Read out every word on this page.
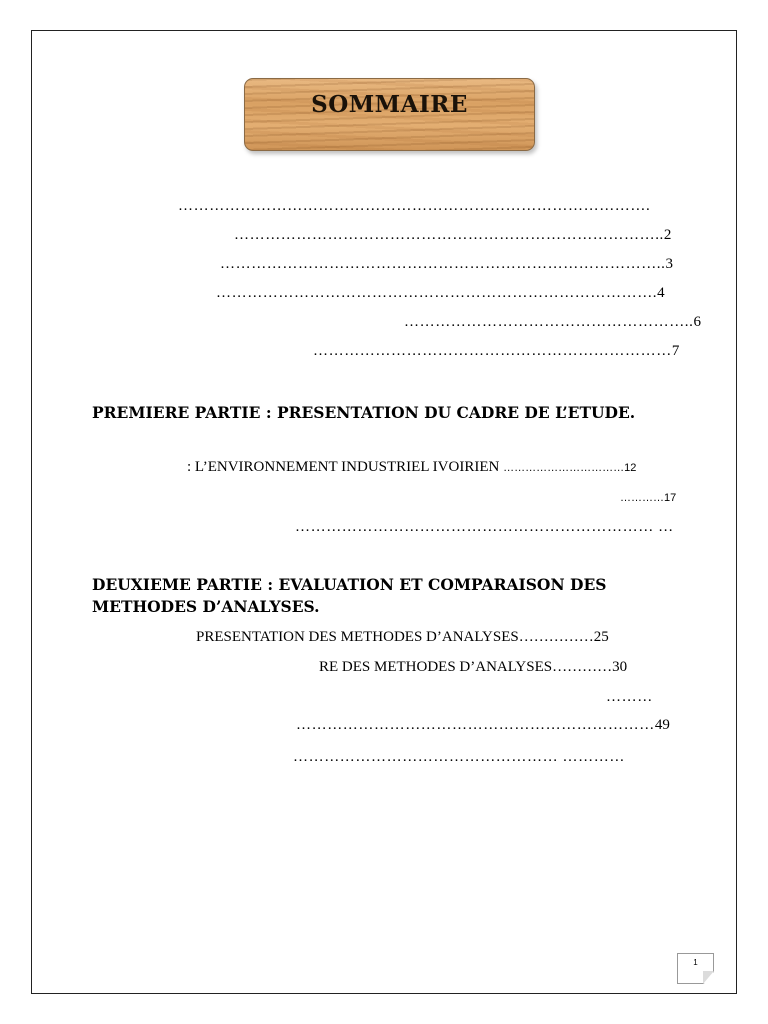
SOMMAIRE
……………………………………………………………………………….
………………………………………………………………………..2
…………………………………………………………………………..3
………………………………………………………………………….4
………………………………………………..6
……………………………………………………………7
PREMIERE PARTIE : PRESENTATION DU CADRE DE L’ETUDE.
: L’ENVIRONNEMENT INDUSTRIEL IVOIRIEN ……………………………12
…………17
…………………………………………………………… …
DEUXIEME PARTIE : EVALUATION ET COMPARAISON DES METHODES D’ANALYSES.
PRESENTATION DES METHODES D’ANALYSES……………25
RE DES METHODES D’ANALYSES…………30
………
……………………………………………………………49
…………………………………………… …………
1
